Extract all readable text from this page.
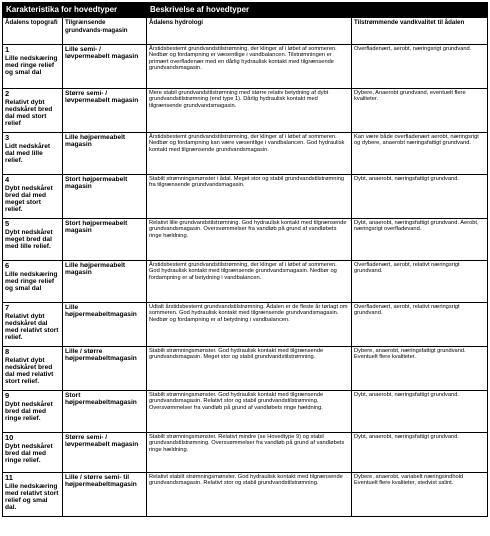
Karakteristika for hovedtyper		Beskrivelse af hovedtyper	
Ådalens topografi	Tilgrænsende grundvands-magasin	Ådalens hydrologi	Tilstrømmende vandkvalitet til ådalen

1
Lille nedskæring med ringe relief og smal dal	Lille semi- / løvpermeabelt magasin	Årstidsbestemt grundvandstilstrømning, der klinger af i løbet af sommeren. Nedbør og fordampning er væsentlige i vandbalancen. Tilstrømningen er primært overfladenær med en dårlig hydraulisk kontakt med tilgrænsende grundvandsmagasin.	Overfladenært, aerobt, næringsrigt grundvand.

2
Relativt dybt nedskåret bred dal med stort relief	Større semi- / løvpermeabelt magasin	Mere stabil grundvandstilstrømning med større relativ betydning af dybt grundvandstilstrømning (end type 1). Dårlig hydraulisk kontakt med tilgrænsende grundvandsmagasin.	Dybere, Anaerobt grundvand, eventuelt flere kvaliteter.

3
Lidt nedskåret dal med lille relief.	Lille højpermeabelt magasin	Årstidsbestemt grundvandstilstrømning, der klinger af i løbet af sommeren. Nedbør og fordampning kan være væsentlige i vandbalancen. God hydraulisk kontakt med tilgrænsende grundvandsmagasin.	Kan være både overfladenært aerobt, næringsrigt og dybere, anaerobt næringsfattigt grundvand.

4
Dybt nedskåret bred dal med meget stort relief.	Stort højpermeabelt magasin	Stabilt strømningsmønster i ådal. Meget stor og stabil grundvandstilstrømning fra tilgrænsende grundvandsmagasin.	Dybt, anaerobt, næringsfattigt grundvand.

5
Dybt nedskåret meget bred dal med lille relief.	Stort højpermeabelt magasin	Relativt lille grundvandstilstrømning. God hydraulisk kontakt med tilgrænsende grundvandsmagasin. Oversvømmelser fra vandløb på grund af vandløbets ringe hældning.	Dybt, anaerobt, næringsfattigt grundvand. Aerobt, næringsrigt overfladevand.

6
Lille nedskæring med ringe relief og smal dal	Lille højpermeabelt magasin	Årstidsbestemt grundvandstilstrømning, der klinger af i løbet af sommeren. God hydraulisk kontakt med tilgrænsende grundvandsmagasin. Nedbør og fordampning er af betydning i vandbalancen.	Overfladenært, aerobt, relativt næringsrigt grundvand.

7
Relativt dybt nedskåret dal med relativt stort relief.	Lille højpermeabeltmagasin	Udtalt årstidsbestemt grundvandstilstrømning. Ådalen er de fleste år tørlagt om sommeren. God hydraulisk kontakt med tilgrænsende grundvandsmagasin. Nedbør og fordampning er af betydning i vandbalancen.	Overfladenært, aerobt, relativt næringsrigt grundvand.

8
Relativt dybt nedskåret bred dal med relativt stort relief.	Lille / større højpermeabeltmagasin	Stabilt strømningsmønster. God hydraulisk kontakt med tilgrænsende grundvandsmagasin. Meget stor og stabil grundvandstilstrømning.	Dybere, anaerobt, næringsfattigt grundvand. Eventuelt flere kvaliteter.

9
Dybt nedskåret bred dal med ringe relief.	Stort højpermeabeltmagasin	Stabilt strømningsmønster. God hydraulisk kontakt med tilgrænsende grundvandsmagasin. Relativt stor og stabil grundvandstilstrømning. Oversvømmelser fra vandløb på grund af vandløbets ringe hældning.	Dybt, anaerobt, næringsfattigt grundvand.

10
Dybt nedskåret bred dal med ringe relief.	Større semi- / løvpermeabelt magasin	Stabilt strømningsmønster. Relativt mindre (se Hovedtype 9) og stabil grundvandstilstrømning. Oversvømmelser fra vandløb på grund af vandløbets ringe hældning.	Dybt, anaerobt, næringsfattigt grundvand.

11
Lille nedskæring med relativt stort relief og smal dal.	Lille / større semi- til højpermeabeltmagasin	Relativt stabilt strømningsmønster. God hydraulisk kontakt med tilgrænsende grundvandsmagasin. Relativt stor og stabil grundvandstilstrømning.	Dybere, anaerobt, variabelt næringsindhold Eventuelt flere kvaliteter, stedvist salint.
